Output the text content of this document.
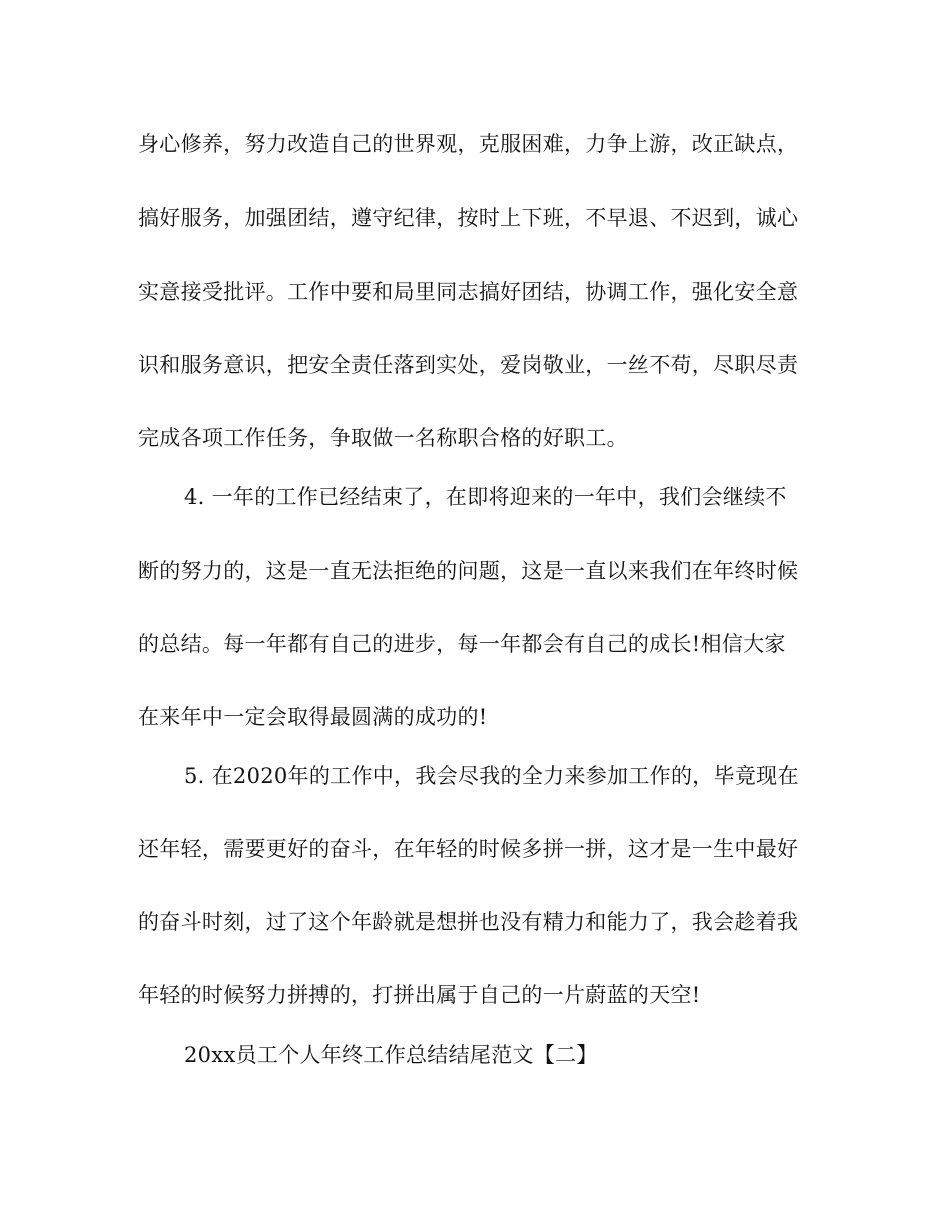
身心修养，努力改造自己的世界观，克服困难，力争上游，改正缺点，
搞好服务，加强团结，遵守纪律，按时上下班，不早退、不迟到，诚心
实意接受批评。工作中要和局里同志搞好团结，协调工作，强化安全意
识和服务意识，把安全责任落到实处，爱岗敬业，一丝不苟，尽职尽责
完成各项工作任务，争取做一名称职合格的好职工。
4. 一年的工作已经结束了，在即将迎来的一年中，我们会继续不
断的努力的，这是一直无法拒绝的问题，这是一直以来我们在年终时候
的总结。每一年都有自己的进步，每一年都会有自己的成长!相信大家
在来年中一定会取得最圆满的成功的!
5. 在2020年的工作中，我会尽我的全力来参加工作的，毕竟现在
还年轻，需要更好的奋斗，在年轻的时候多拼一拼，这才是一生中最好
的奋斗时刻，过了这个年龄就是想拼也没有精力和能力了，我会趁着我
年轻的时候努力拼搏的，打拼出属于自己的一片蔚蓝的天空!
20xx员工个人年终工作总结结尾范文【二】
